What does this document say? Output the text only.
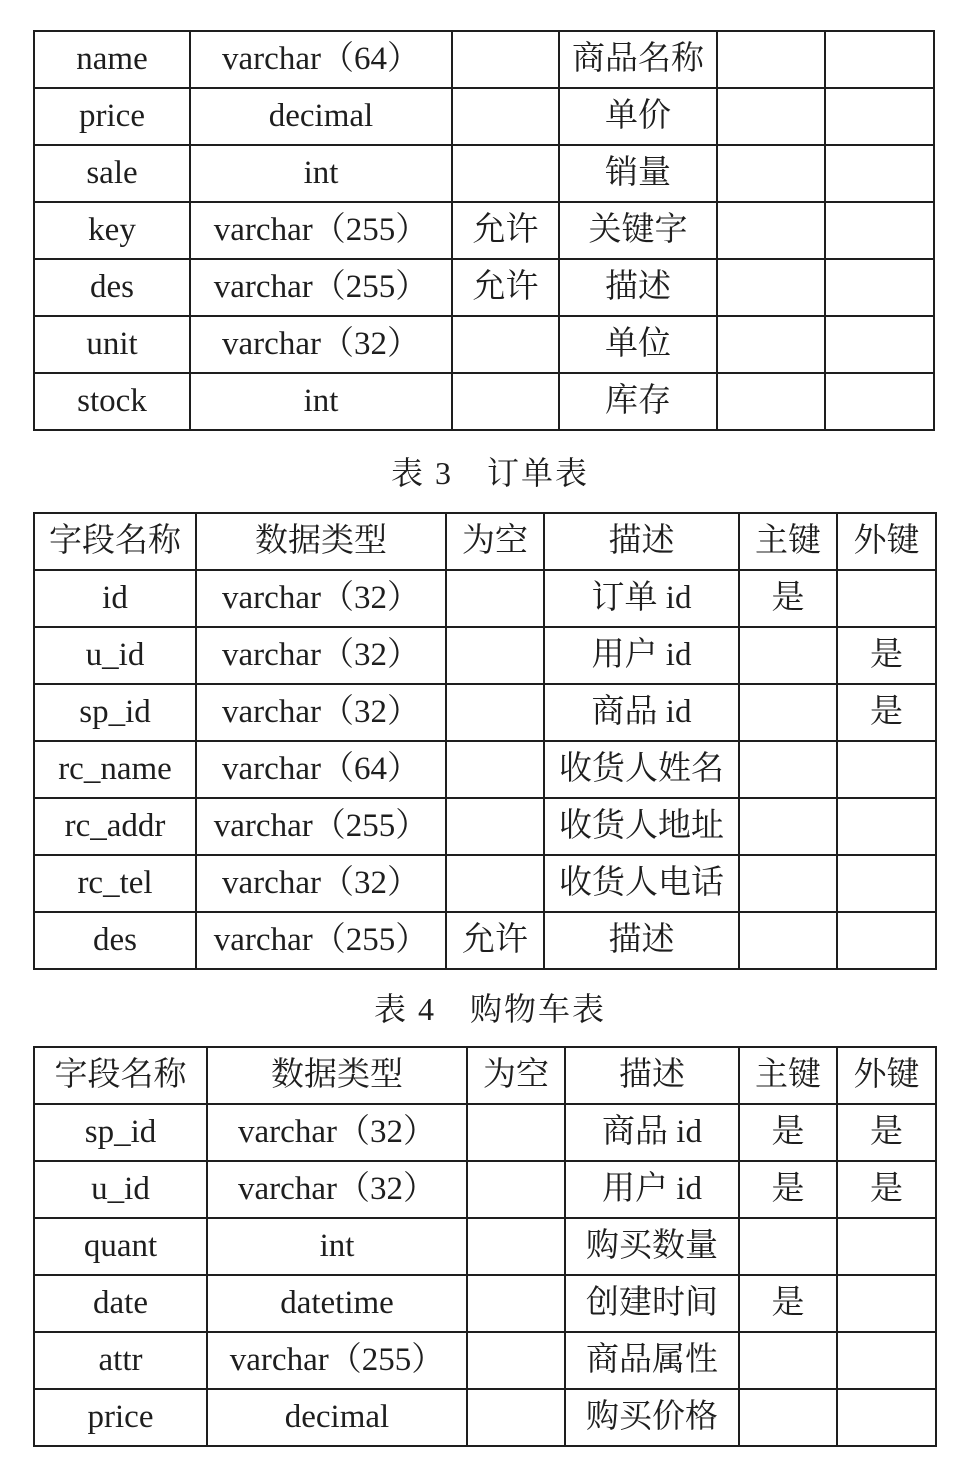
name	varchar（64）		商品名称		
price	decimal		单价		
sale	int		销量		
key	varchar（255）	允许	关键字		
des	varchar（255）	允许	描述		
unit	varchar（32）		单位		
stock	int		库存		
表 3　订单表
字段名称	数据类型	为空	描述	主键	外键
id	varchar（32）		订单 id	是	
u_id	varchar（32）		用户 id		是
sp_id	varchar（32）		商品 id		是
rc_name	varchar（64）		收货人姓名		
rc_addr	varchar（255）		收货人地址		
rc_tel	varchar（32）		收货人电话		
des	varchar（255）	允许	描述		
表 4　购物车表
字段名称	数据类型	为空	描述	主键	外键
sp_id	varchar（32）		商品 id	是	是
u_id	varchar（32）		用户 id	是	是
quant	int		购买数量		
date	datetime		创建时间	是	
attr	varchar（255）		商品属性		
price	decimal		购买价格		
